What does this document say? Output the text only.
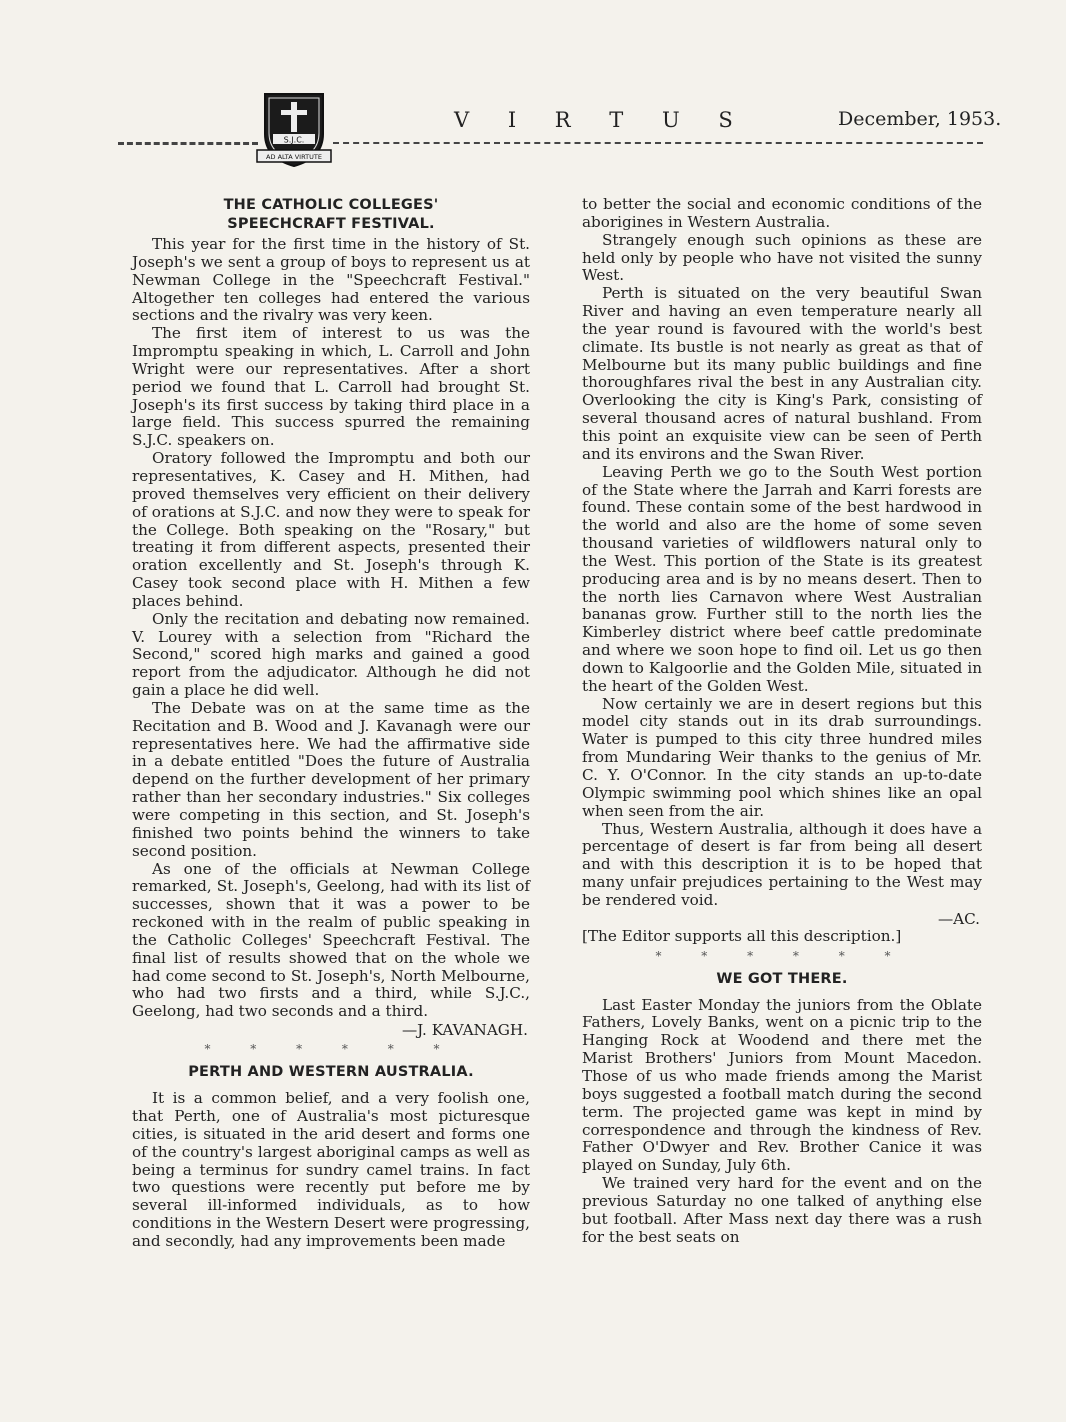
S.J.C.
AD ALTA VIRTUTE
V I R T U S	December, 1953.
THE CATHOLIC COLLEGES'
SPEECHCRAFT FESTIVAL.

This year for the first time in the history of St. Joseph's we sent a group of boys to represent us at Newman College in the "Speechcraft Festival." Altogether ten colleges had entered the various sections and the rivalry was very keen.

The first item of interest to us was the Impromptu speaking in which, L. Carroll and John Wright were our representatives. After a short period we found that L. Carroll had brought St. Joseph's its first success by taking third place in a large field. This success spurred the remaining S.J.C. speakers on.

Oratory followed the Impromptu and both our representatives, K. Casey and H. Mithen, had proved themselves very efficient on their delivery of orations at S.J.C. and now they were to speak for the College. Both speaking on the "Rosary," but treating it from different aspects, presented their oration excellently and St. Joseph's through K. Casey took second place with H. Mithen a few places behind.

Only the recitation and debating now remained. V. Lourey with a selection from "Richard the Second," scored high marks and gained a good report from the adjudicator. Although he did not gain a place he did well.

The Debate was on at the same time as the Recitation and B. Wood and J. Kavanagh were our representatives here. We had the affirmative side in a debate entitled "Does the future of Australia depend on the further development of her primary rather than her secondary industries." Six colleges were competing in this section, and St. Joseph's finished two points behind the winners to take second position.

As one of the officials at Newman College remarked, St. Joseph's, Geelong, had with its list of successes, shown that it was a power to be reckoned with in the realm of public speaking in the Catholic Colleges' Speechcraft Festival. The final list of results showed that on the whole we had come second to St. Joseph's, North Melbourne, who had two firsts and a third, while S.J.C., Geelong, had two seconds and a third.

—J. KAVANAGH.
* * * * * *
PERTH AND WESTERN AUSTRALIA.

It is a common belief, and a very foolish one, that Perth, one of Australia's most picturesque cities, is situated in the arid desert and forms one of the country's largest aboriginal camps as well as being a terminus for sundry camel trains. In fact two questions were recently put before me by several ill-informed individuals, as to how conditions in the Western Desert were progressing, and secondly, had any improvements been made

to better the social and economic conditions of the aborigines in Western Australia.

Strangely enough such opinions as these are held only by people who have not visited the sunny West.

Perth is situated on the very beautiful Swan River and having an even temperature nearly all the year round is favoured with the world's best climate. Its bustle is not nearly as great as that of Melbourne but its many public buildings and fine thoroughfares rival the best in any Australian city. Overlooking the city is King's Park, consisting of several thousand acres of natural bushland. From this point an exquisite view can be seen of Perth and its environs and the Swan River.

Leaving Perth we go to the South West portion of the State where the Jarrah and Karri forests are found. These contain some of the best hardwood in the world and also are the home of some seven thousand varieties of wildflowers natural only to the West. This portion of the State is its greatest producing area and is by no means desert. Then to the north lies Carnavon where West Australian bananas grow. Further still to the north lies the Kimberley district where beef cattle predominate and where we soon hope to find oil. Let us go then down to Kalgoorlie and the Golden Mile, situated in the heart of the Golden West.

Now certainly we are in desert regions but this model city stands out in its drab surroundings. Water is pumped to this city three hundred miles from Mundaring Weir thanks to the genius of Mr. C. Y. O'Connor. In the city stands an up-to-date Olympic swimming pool which shines like an opal when seen from the air.

Thus, Western Australia, although it does have a percentage of desert is far from being all desert and with this description it is to be hoped that many unfair prejudices pertaining to the West may be rendered void.

—AC.

[The Editor supports all this description.]

* * * * * *
WE GOT THERE.

Last Easter Monday the juniors from the Oblate Fathers, Lovely Banks, went on a picnic trip to the Hanging Rock at Woodend and there met the Marist Brothers' Juniors from Mount Macedon. Those of us who made friends among the Marist boys suggested a football match during the second term. The projected game was kept in mind by correspondence and through the kindness of Rev. Father O'Dwyer and Rev. Brother Canice it was played on Sunday, July 6th.

We trained very hard for the event and on the previous Saturday no one talked of anything else but football. After Mass next day there was a rush for the best seats on
